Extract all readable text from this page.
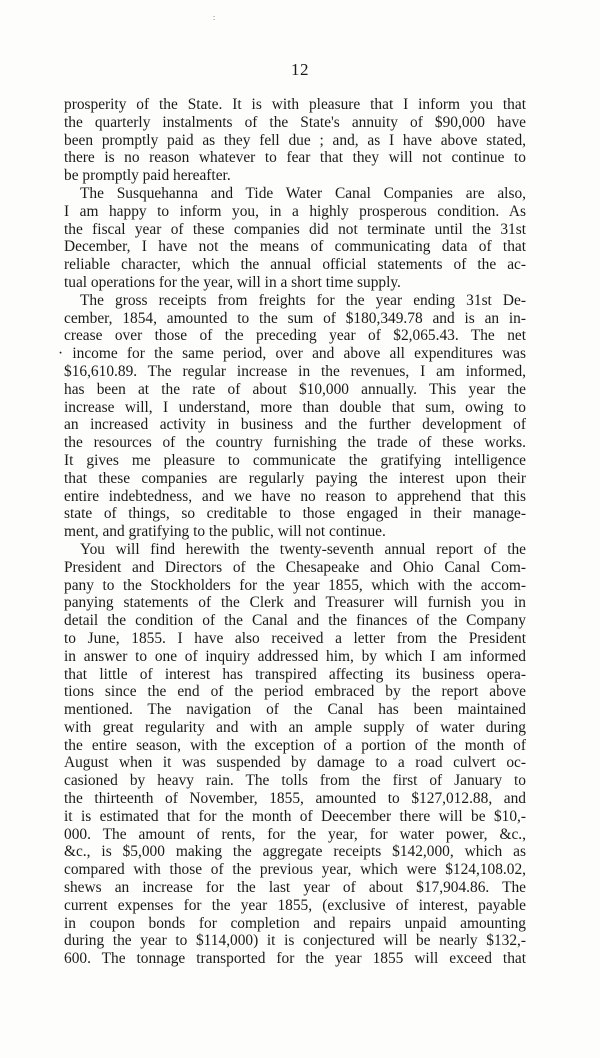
∶
12
prosperity of the State. It is with pleasure that I inform you that
the quarterly instalments of the State's annuity of $90,000 have
been promptly paid as they fell due ; and, as I have above stated,
there is no reason whatever to fear that they will not continue to
be promptly paid hereafter.
The Susquehanna and Tide Water Canal Companies are also,
I am happy to inform you, in a highly prosperous condition. As
the fiscal year of these companies did not terminate until the 31st
December, I have not the means of communicating data of that
reliable character, which the annual official statements of the ac-
tual operations for the year, will in a short time supply.
The gross receipts from freights for the year ending 31st De-
cember, 1854, amounted to the sum of $180,349.78 and is an in-
crease over those of the preceding year of $2,065.43. The net
· income for the same period, over and above all expenditures was
$16,610.89. The regular increase in the revenues, I am informed,
has been at the rate of about $10,000 annually. This year the
increase will, I understand, more than double that sum, owing to
an increased activity in business and the further development of
the resources of the country furnishing the trade of these works.
It gives me pleasure to communicate the gratifying intelligence
that these companies are regularly paying the interest upon their
entire indebtedness, and we have no reason to apprehend that this
state of things, so creditable to those engaged in their manage-
ment, and gratifying to the public, will not continue.
You will find herewith the twenty-seventh annual report of the
President and Directors of the Chesapeake and Ohio Canal Com-
pany to the Stockholders for the year 1855, which with the accom-
panying statements of the Clerk and Treasurer will furnish you in
detail the condition of the Canal and the finances of the Company
to June, 1855. I have also received a letter from the President
in answer to one of inquiry addressed him, by which I am informed
that little of interest has transpired affecting its business opera-
tions since the end of the period embraced by the report above
mentioned. The navigation of the Canal has been maintained
with great regularity and with an ample supply of water during
the entire season, with the exception of a portion of the month of
August when it was suspended by damage to a road culvert oc-
casioned by heavy rain. The tolls from the first of January to
the thirteenth of November, 1855, amounted to $127,012.88, and
it is estimated that for the month of Deecember there will be $10,-
000. The amount of rents, for the year, for water power, &c.,
&c., is $5,000 making the aggregate receipts $142,000, which as
compared with those of the previous year, which were $124,108.02,
shews an increase for the last year of about $17,904.86. The
current expenses for the year 1855, (exclusive of interest, payable
in coupon bonds for completion and repairs unpaid amounting
during the year to $114,000) it is conjectured will be nearly $132,-
600. The tonnage transported for the year 1855 will exceed that
